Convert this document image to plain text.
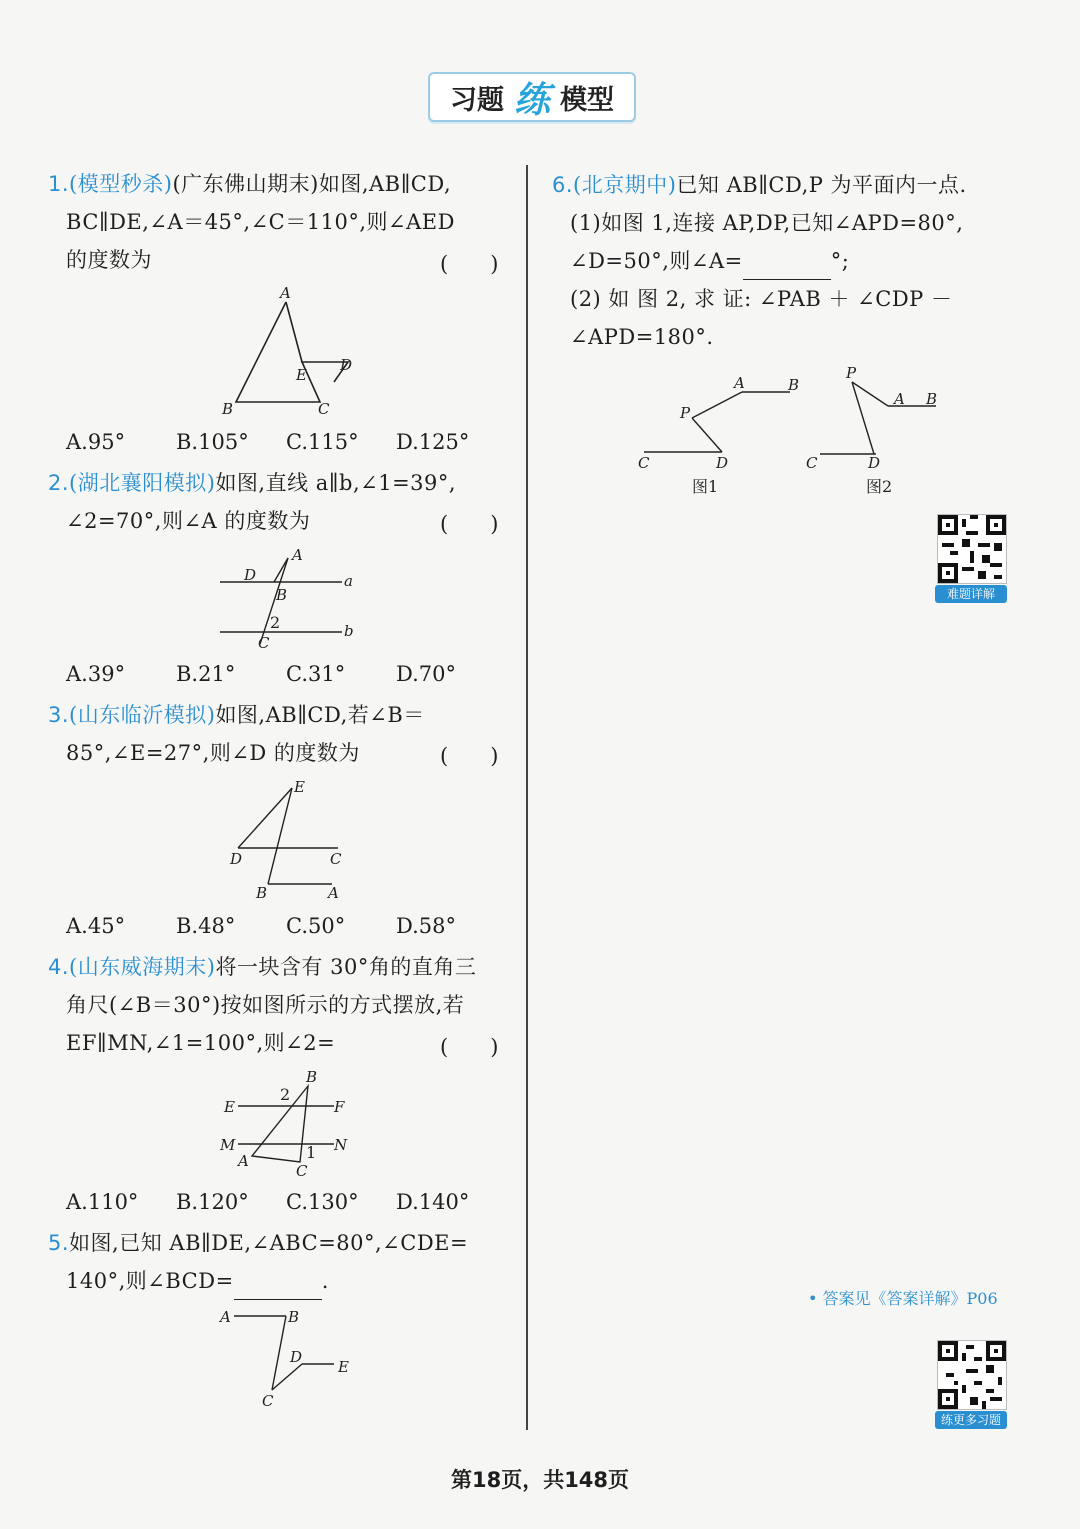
习题 练 模型
1.(模型秒杀)(广东佛山期末)如图,AB∥CD,
BC∥DE,∠A＝45°,∠C＝110°,则∠AED
的度数为	(　　)
A
B	C
D
E
A.95°	B.105°	C.115°	D.125°
2.(湖北襄阳模拟)如图,直线 a∥b,∠1=39°,
∠2=70°,则∠A 的度数为	(　　)
A
D	a
B
b
C
2
A.39°	B.21°	C.31°	D.70°
3.(山东临沂模拟)如图,AB∥CD,若∠B＝
85°,∠E=27°,则∠D 的度数为	(　　)
E
D	C
B	A
A.45°	B.48°	C.50°	D.58°
4.(山东威海期末)将一块含有 30°角的直角三
角尺(∠B＝30°)按如图所示的方式摆放,若
EF∥MN,∠1=100°,则∠2=	(　　)
B
E
2
F
M	N
A	1
C
A.110°	B.120°	C.130°	D.140°
5.如图,已知 AB∥DE,∠ABC=80°,∠CDE=
140°,则∠BCD=	.
A	B
D
E
C
6.(北京期中)已知 AB∥CD,P 为平面内一点.
(1)如图 1,连接 AP,DP,已知∠APD=80°,
∠D=50°,则∠A=	°;
(2) 如 图 2, 求 证: ∠PAB ＋ ∠CDP －
∠APD=180°.
A	B
P
C	D
图1
P
A B
C	D
图2
难题详解
• 答案见《答案详解》P06
练更多习题
第18页，共148页
